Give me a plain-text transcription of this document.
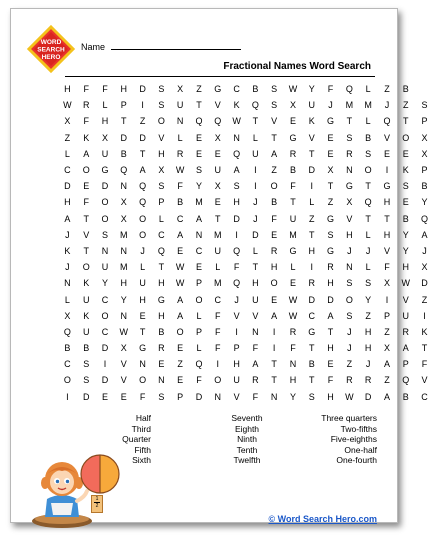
WORD
SEARCH
HERO
Name
Fractional Names Word Search
H	F	F	H	D	S	X	Z	G	C	B	S	W	Y	F	Q	L	Z	B
W	R	L	P	I	S	U	T	V	K	Q	S	X	U	J	M	M	J	Z	S
X	F	H	T	Z	O	N	Q	Q	W	T	V	E	K	G	T	L	Q	T	P
Z	K	X	D	D	V	L	E	X	N	L	T	G	V	E	S	B	V	O	X
L	A	U	B	T	H	R	E	E	Q	U	A	R	T	E	R	S	E	E	X
C	O	G	Q	A	X	W	S	U	A	I	Z	B	D	X	N	O	I	K	P
D	E	D	N	Q	S	F	Y	X	S	I	O	F	I	T	G	T	G	S	B
H	F	O	X	Q	P	B	M	E	H	J	B	T	L	Z	X	Q	H	E	Y
A	T	O	X	O	L	C	A	T	D	J	F	U	Z	G	V	T	T	B	Q
J	V	S	M	O	C	A	N	M	I	D	E	M	T	S	H	L	H	Y	A
K	T	N	N	J	Q	E	C	U	Q	L	R	G	H	G	J	J	V	Y	J
J	O	U	M	L	T	W	E	L	F	T	H	L	I	R	N	L	F	H	X
N	K	Y	H	U	H	W	P	M	Q	H	O	E	R	H	S	S	X	W	D
L	U	C	Y	H	G	A	O	C	J	U	E	W	D	D	O	Y	I	V	Z
X	K	O	N	E	H	A	L	F	V	V	A	W	C	A	S	Z	P	U	I
Q	U	C	W	T	B	O	P	F	I	N	I	R	G	T	J	H	Z	R	K
B	B	D	X	G	R	E	L	F	P	F	I	F	T	H	J	H	X	A	T
C	S	I	V	N	E	Z	Q	I	H	A	T	N	B	E	Z	J	A	P	F
O	S	D	V	O	N	E	F	O	U	R	T	H	T	F	R	R	Z	Q	V
I	D	E	E	F	S	P	D	N	V	F	N	Y	S	H	W	D	A	B	C
Half
Third
Quarter
Fifth
Sixth
Seventh
Eighth
Ninth
Tenth
Twelfth
Three quarters
Two-fifths
Five-eighths
One-half
One-fourth
1
2
© Word Search Hero.com
